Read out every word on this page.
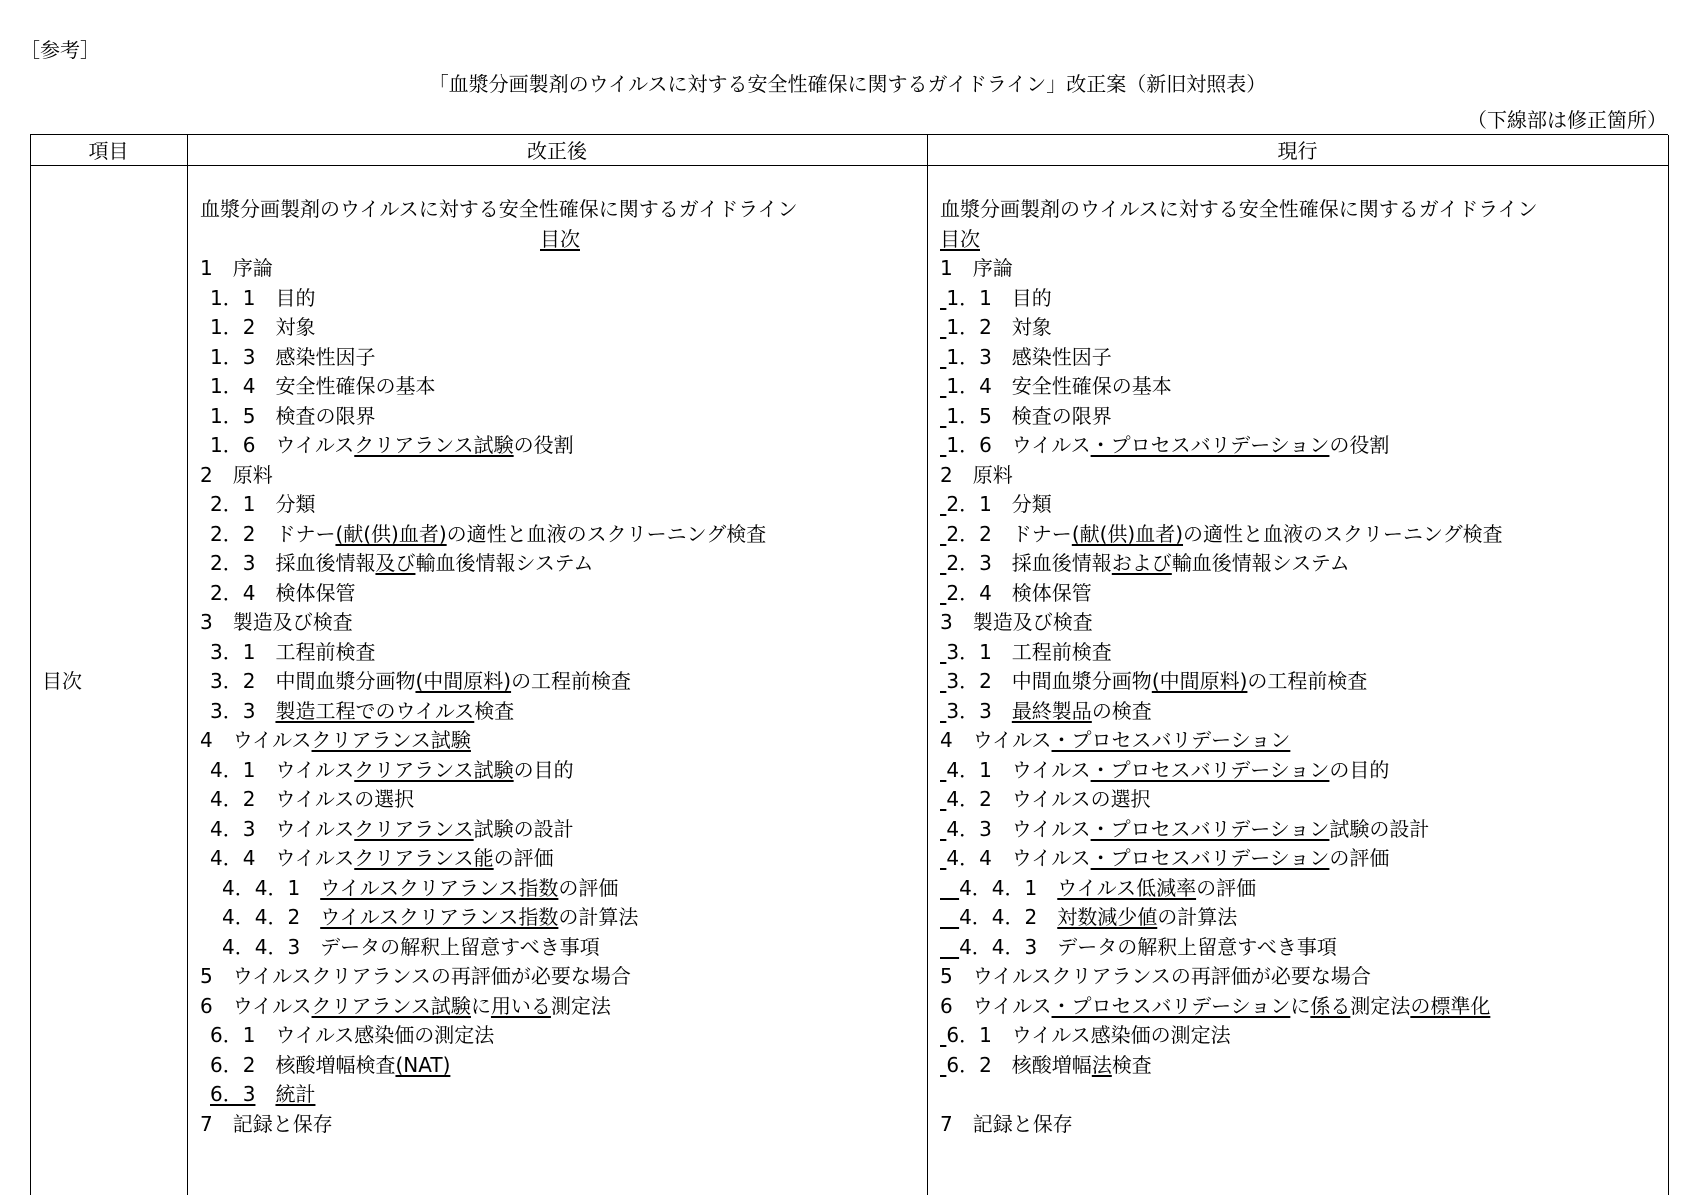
［参考］
「血漿分画製剤のウイルスに対する安全性確保に関するガイドライン」改正案（新旧対照表）
（下線部は修正箇所）
項目	改正後	現行
目次
血漿分画製剤のウイルスに対する安全性確保に関するガイドライン
目次
1　序論
1．1　目的
1．2　対象
1．3　感染性因子
1．4　安全性確保の基本
1．5　検査の限界
1．6　ウイルスクリアランス試験の役割
2　原料
2．1　分類
2．2　ドナー(献(供)血者)の適性と血液のスクリーニング検査
2．3　採血後情報及び輸血後情報システム
2．4　検体保管
3　製造及び検査
3．1　工程前検査
3．2　中間血漿分画物(中間原料)の工程前検査
3．3　製造工程でのウイルス検査
4　ウイルスクリアランス試験
4．1　ウイルスクリアランス試験の目的
4．2　ウイルスの選択
4．3　ウイルスクリアランス試験の設計
4．4　ウイルスクリアランス能の評価
4．4．1　ウイルスクリアランス指数の評価
4．4．2　ウイルスクリアランス指数の計算法
4．4．3　データの解釈上留意すべき事項
5　ウイルスクリアランスの再評価が必要な場合
6　ウイルスクリアランス試験に用いる測定法
6．1　ウイルス感染価の測定法
6．2　核酸増幅検査(NAT)
6．3　 統計
7　記録と保存
血漿分画製剤のウイルスに対する安全性確保に関するガイドライン
目次
1　序論
1．1　目的
1．2　対象
1．3　感染性因子
1．4　安全性確保の基本
1．5　検査の限界
1．6　ウイルス・プロセスバリデーションの役割
2　原料
2．1　分類
2．2　ドナー(献(供)血者)の適性と血液のスクリーニング検査
2．3　採血後情報および輸血後情報システム
2．4　検体保管
3　製造及び検査
3．1　工程前検査
3．2　中間血漿分画物(中間原料)の工程前検査
3．3　最終製品の検査
4　ウイルス・プロセスバリデーション
4．1　ウイルス・プロセスバリデーションの目的
4．2　ウイルスの選択
4．3　ウイルス・プロセスバリデーション試験の設計
4．4　ウイルス・プロセスバリデーションの評価
4．4．1　ウイルス低減率の評価
4．4．2　対数減少値の計算法
4．4．3　データの解釈上留意すべき事項
5　ウイルスクリアランスの再評価が必要な場合
6　ウイルス・プロセスバリデーションに係る測定法の標準化
6．1　ウイルス感染価の測定法
6．2　核酸増幅法検査

7　記録と保存
